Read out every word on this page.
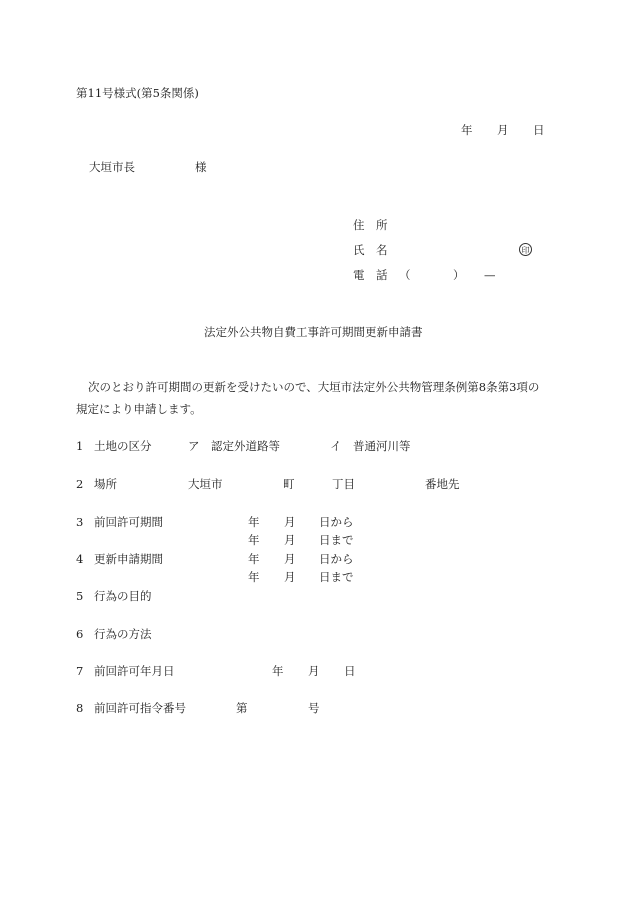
第11号様式(第5条関係)
年 月 日
大垣市長	様
住　所
氏　名	印
電　話 （	） —
法定外公共物自費工事許可期間更新申請書
次のとおり許可期間の更新を受けたいので、大垣市法定外公共物管理条例第8条第3項の
規定により申請します。
1 土地の区分	ア　認定外道路等	イ　普通河川等
2 場所	大垣市	町	丁目	番地先
3 前回許可期間	年 月 日から
年 月 日まで
4 更新申請期間	年 月 日から
年 月 日まで
5 行為の目的
6 行為の方法
7 前回許可年月日	年 月 日
8 前回許可指令番号	第	号
